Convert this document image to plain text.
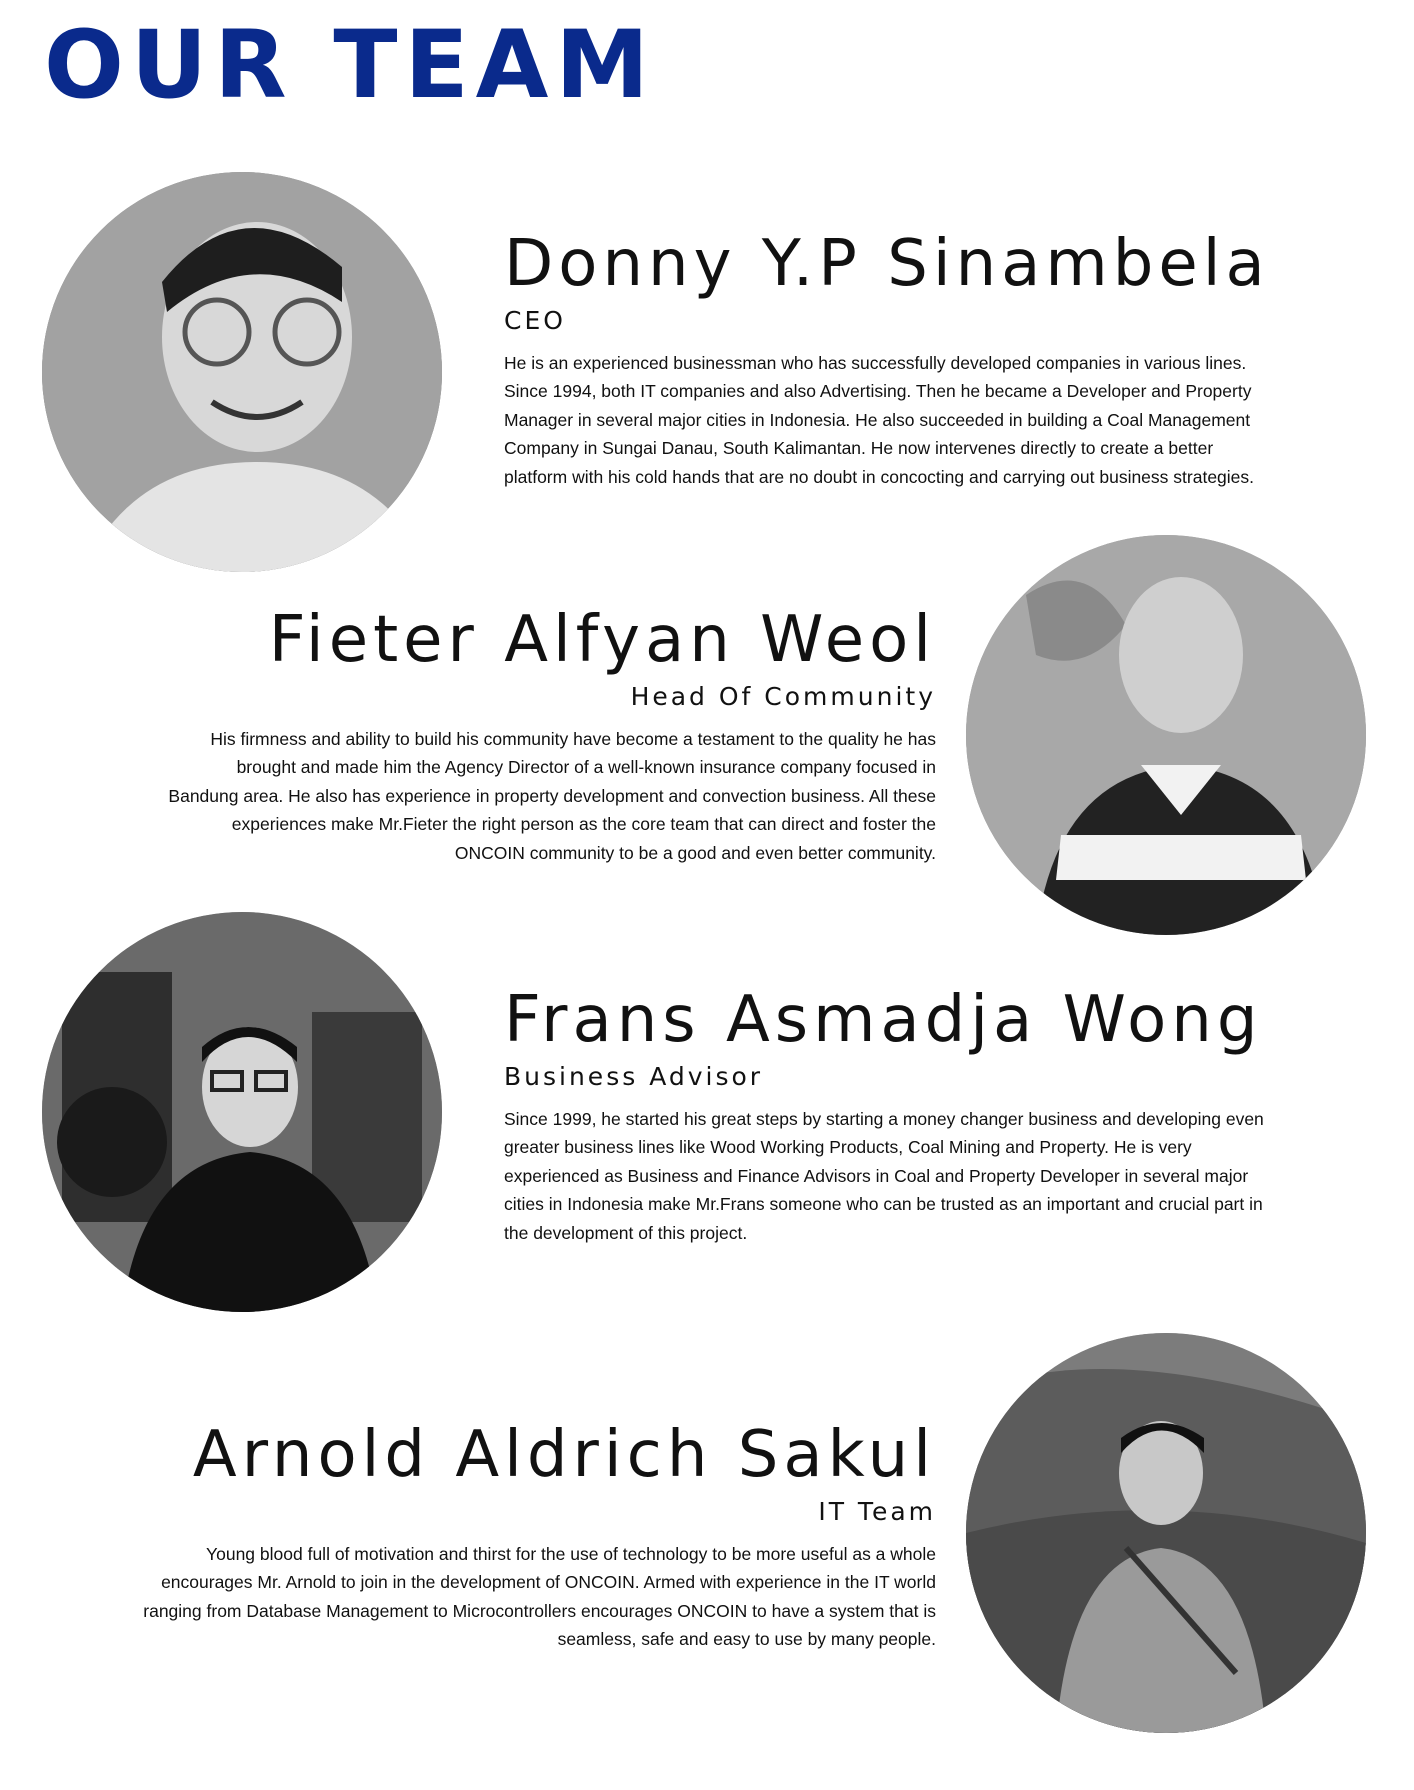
OUR TEAM
Donny Y.P Sinambela
CEO

He is an experienced businessman who has successfully developed companies in various lines. Since 1994, both IT companies and also Advertising. Then he became a Developer and Property Manager in several major cities in Indonesia. He also succeeded in building a Coal Management Company in Sungai Danau, South Kalimantan. He now intervenes directly to create a better platform with his cold hands that are no doubt in concocting and carrying out business strategies.

Fieter Alfyan Weol
Head Of Community

His firmness and ability to build his community have become a testament to the quality he has brought and made him the Agency Director of a well-known insurance company focused in Bandung area. He also has experience in property development and convection business. All these experiences make Mr.Fieter the right person as the core team that can direct and foster the ONCOIN community to be a good and even better community.

Frans Asmadja Wong
Business Advisor

Since 1999, he started his great steps by starting a money changer business and developing even greater business lines like Wood Working Products, Coal Mining and Property. He is very experienced as Business and Finance Advisors in Coal and Property Developer in several major cities in Indonesia make Mr.Frans someone who can be trusted as an important and crucial part in the development of this project.

Arnold Aldrich Sakul
IT Team

Young blood full of motivation and thirst for the use of technology to be more useful as a whole encourages Mr. Arnold to join in the development of ONCOIN. Armed with experience in the IT world ranging from Database Management to Microcontrollers encourages ONCOIN to have a system that is seamless, safe and easy to use by many people.
